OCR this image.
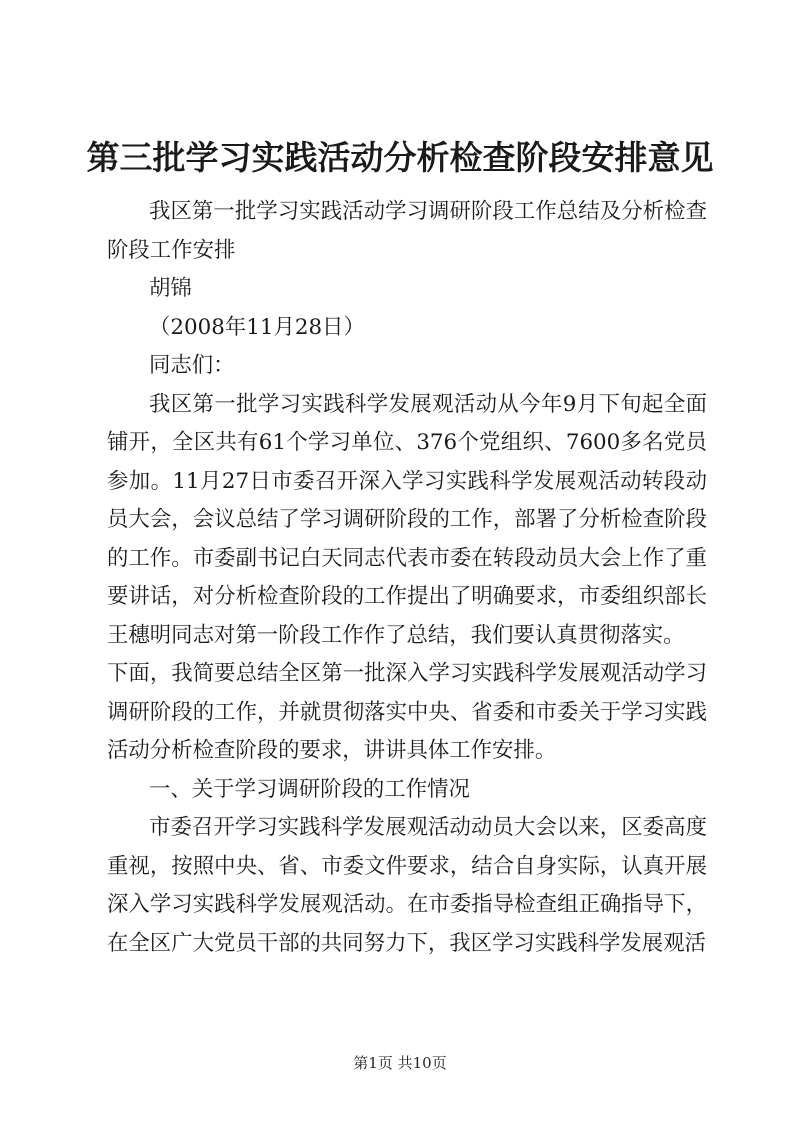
第三批学习实践活动分析检查阶段安排意见

我区第一批学习实践活动学习调研阶段工作总结及分析检查阶段工作安排

胡锦

（2008年11月28日）

同志们：

我区第一批学习实践科学发展观活动从今年9月下旬起全面铺开，全区共有61个学习单位、376个党组织、7600多名党员参加。11月27日市委召开深入学习实践科学发展观活动转段动员大会，会议总结了学习调研阶段的工作，部署了分析检查阶段的工作。市委副书记白天同志代表市委在转段动员大会上作了重要讲话，对分析检查阶段的工作提出了明确要求，市委组织部长王穗明同志对第一阶段工作作了总结，我们要认真贯彻落实。

下面，我简要总结全区第一批深入学习实践科学发展观活动学习调研阶段的工作，并就贯彻落实中央、省委和市委关于学习实践活动分析检查阶段的要求，讲讲具体工作安排。

一、关于学习调研阶段的工作情况

市委召开学习实践科学发展观活动动员大会以来，区委高度重视，按照中央、省、市委文件要求，结合自身实际，认真开展深入学习实践科学发展观活动。在市委指导检查组正确指导下，在全区广大党员干部的共同努力下，我区学习实践科学发展观活

第1页 共10页
